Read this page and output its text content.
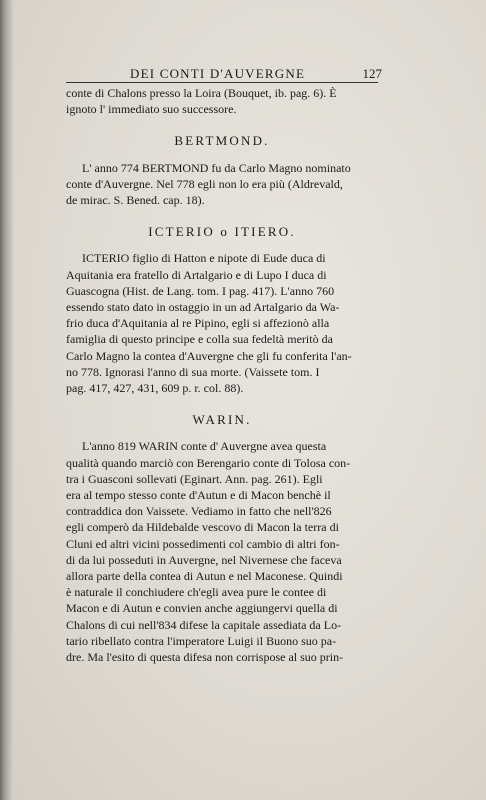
DEI CONTI D'AUVERGNE	127
conte di Chalons presso la Loira (Bouquet, ib. pag. 6). È
ignoto l' immediato suo successore.
BERTMOND.
L' anno 774 BERTMOND fu da Carlo Magno nominato
conte d'Auvergne. Nel 778 egli non lo era più (Aldrevald,
de mirac. S. Bened. cap. 18).
ICTERIO o ITIERO.
ICTERIO figlio di Hatton e nipote di Eude duca di
Aquitania era fratello di Artalgario e di Lupo I duca di
Guascogna (Hist. de Lang. tom. I pag. 417). L'anno 760
essendo stato dato in ostaggio in un ad Artalgario da Wa-
frio duca d'Aquitania al re Pipino, egli si affezionò alla
famiglia di questo principe e colla sua fedeltà meritò da
Carlo Magno la contea d'Auvergne che gli fu conferita l'an-
no 778. Ignorasi l'anno di sua morte. (Vaissete tom. I
pag. 417, 427, 431, 609 p. r. col. 88).
WARIN.
L'anno 819 WARIN conte d' Auvergne avea questa
qualità quando marciò con Berengario conte di Tolosa con-
tra i Guasconi sollevati (Eginart. Ann. pag. 261). Egli
era al tempo stesso conte d'Autun e di Macon benchè il
contraddica don Vaissete. Vediamo in fatto che nell'826
egli comperò da Hildebalde vescovo di Macon la terra di
Cluni ed altri vicini possedimenti col cambio di altri fon-
di da lui posseduti in Auvergne, nel Nivernese che faceva
allora parte della contea di Autun e nel Maconese. Quindi
è naturale il conchiudere ch'egli avea pure le contee di
Macon e di Autun e convien anche aggiungervi quella di
Chalons di cui nell'834 difese la capitale assediata da Lo-
tario ribellato contra l'imperatore Luigi il Buono suo pa-
dre. Ma l'esito di questa difesa non corrispose al suo prin-
